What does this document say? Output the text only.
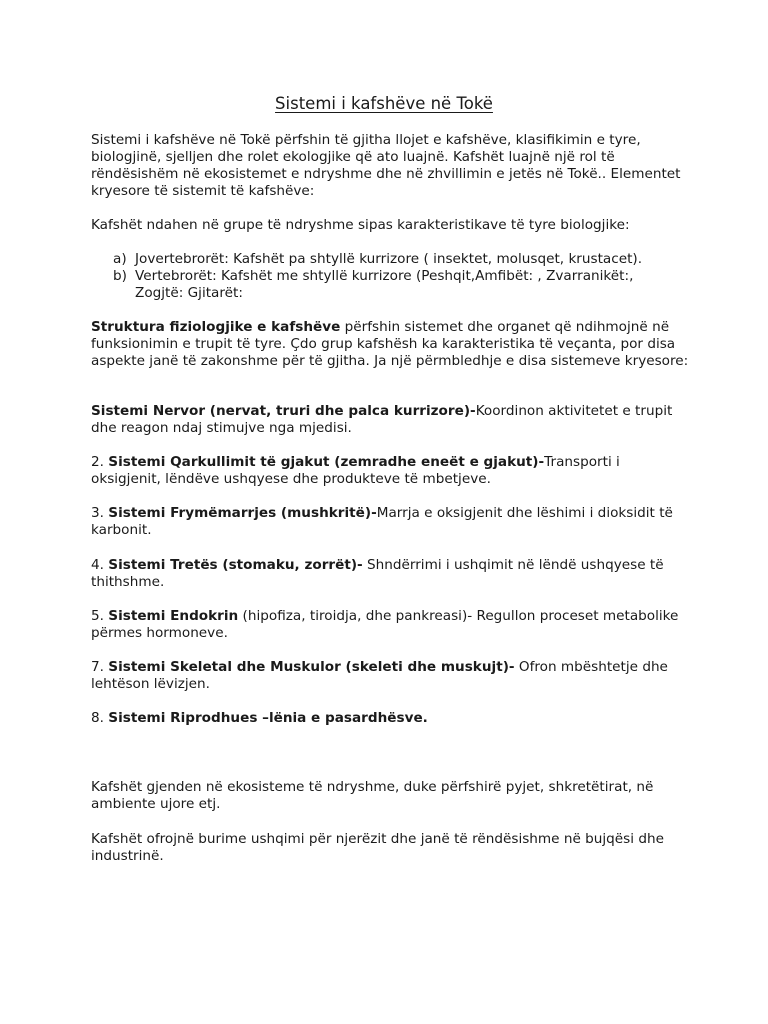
Sistemi i kafshëve në Tokë

Sistemi i kafshëve në Tokë përfshin të gjitha llojet e kafshëve, klasifikimin e tyre, biologjinë, sjelljen dhe rolet ekologjike që ato luajnë. Kafshët luajnë një rol të rëndësishëm në ekosistemet e ndryshme dhe në zhvillimin e jetës në Tokë.. Elementet kryesore të sistemit të kafshëve:

Kafshët ndahen në grupe të ndryshme sipas karakteristikave të tyre biologjike:

a) Jovertebrorët: Kafshët pa shtyllë kurrizore ( insektet, molusqet, krustacet).
b) Vertebrorët: Kafshët me shtyllë kurrizore (Peshqit,Amfibët: , Zvarranikët:, Zogjtë: Gjitarët:

Struktura fiziologjike e kafshëve përfshin sistemet dhe organet që ndihmojnë në funksionimin e trupit të tyre. Çdo grup kafshësh ka karakteristika të veçanta, por disa aspekte janë të zakonshme për të gjitha. Ja një përmbledhje e disa sistemeve kryesore:

Sistemi Nervor (nervat, truri dhe palca kurrizore)-Koordinon aktivitetet e trupit dhe reagon ndaj stimujve nga mjedisi.

2. Sistemi Qarkullimit të gjakut (zemradhe eneët e gjakut)-Transporti i oksigjenit, lëndëve ushqyese dhe produkteve të mbetjeve.

3. Sistemi Frymëmarrjes (mushkritë)-Marrja e oksigjenit dhe lëshimi i dioksidit të karbonit.

4. Sistemi Tretës (stomaku, zorrët)- Shndërrimi i ushqimit në lëndë ushqyese të thithshme.

5. Sistemi Endokrin (hipofiza, tiroidja, dhe pankreasi)- Regullon proceset metabolike përmes hormoneve.

7. Sistemi Skeletal dhe Muskulor (skeleti dhe muskujt)- Ofron mbështetje dhe lehtëson lëvizjen.

8. Sistemi Riprodhues –lënia e pasardhësve.

Kafshët gjenden në ekosisteme të ndryshme, duke përfshirë pyjet, shkretëtirat, në ambiente ujore etj.

Kafshët ofrojnë burime ushqimi për njerëzit dhe janë të rëndësishme në bujqësi dhe industrinë.
